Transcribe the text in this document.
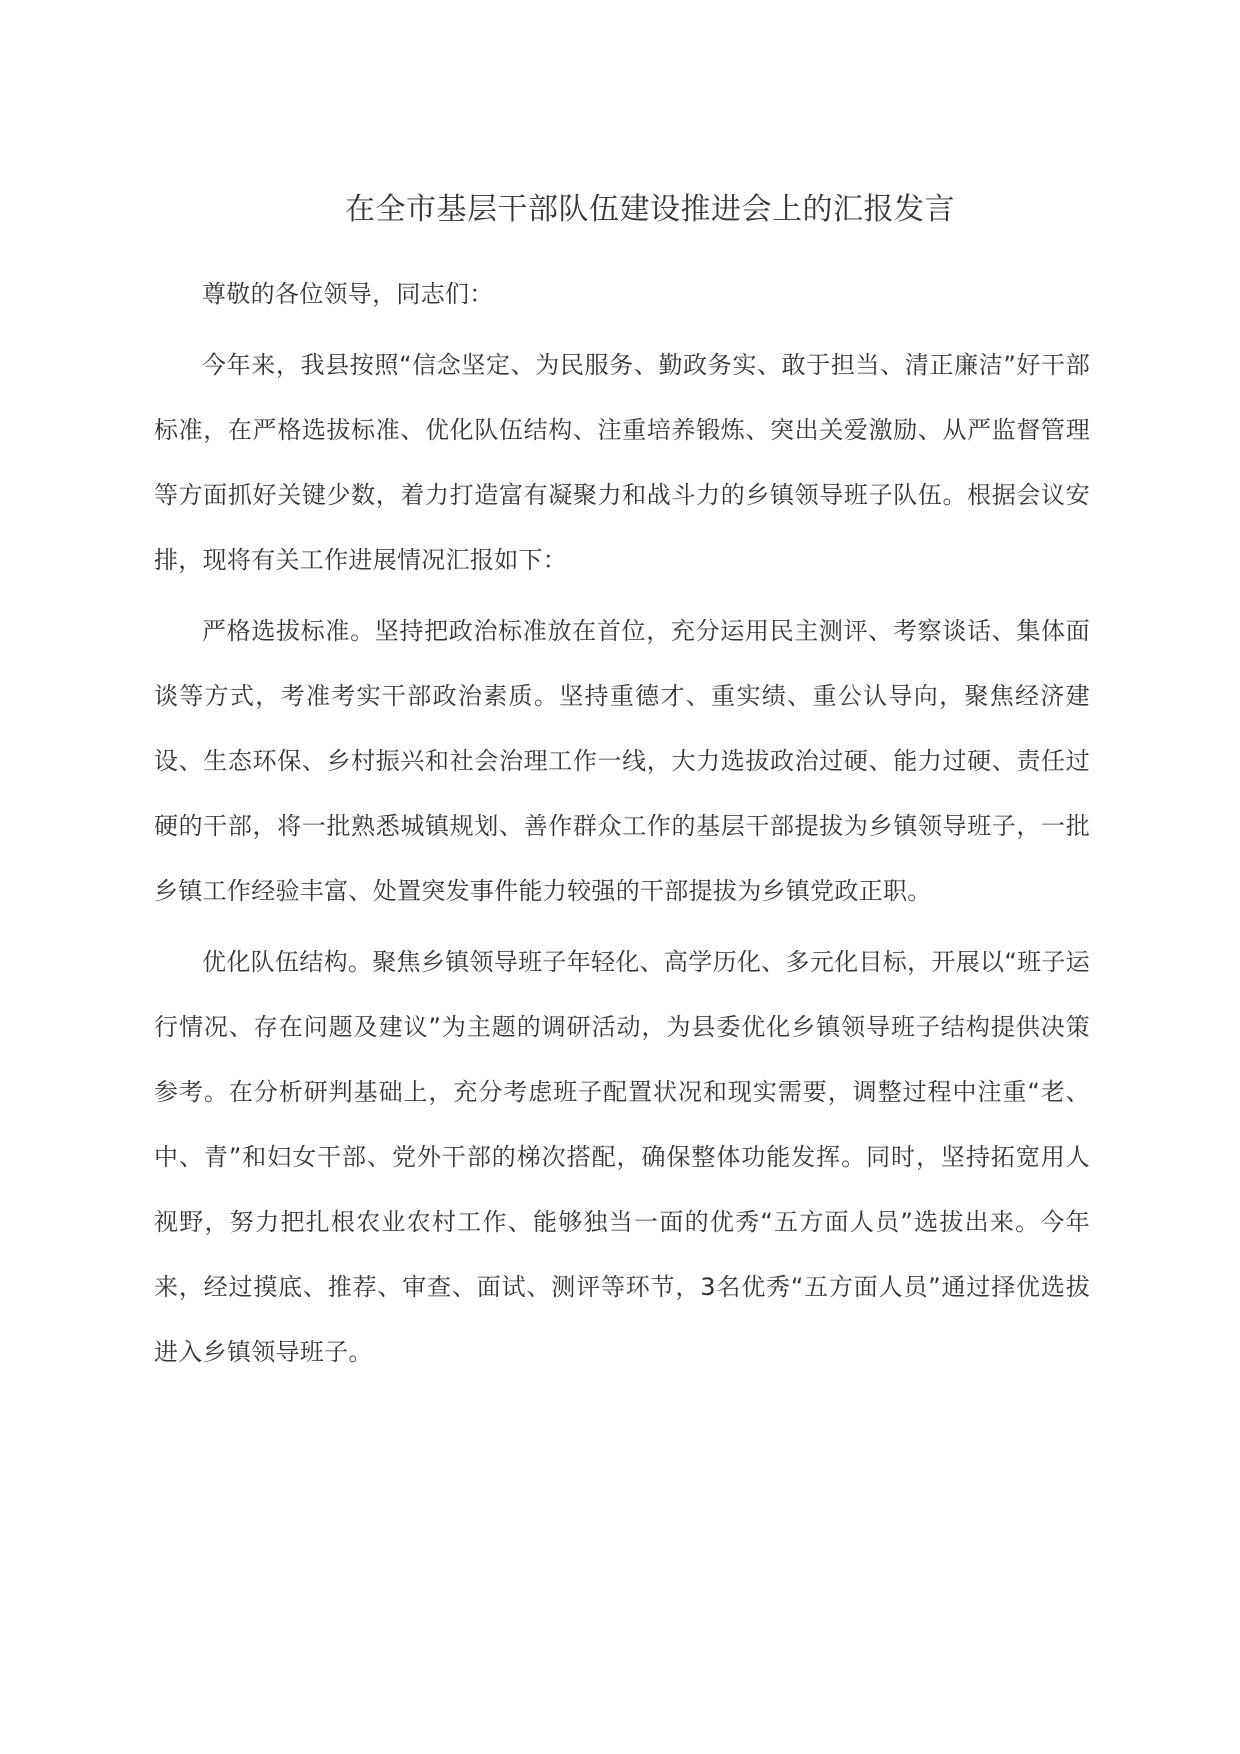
在全市基层干部队伍建设推进会上的汇报发言

尊敬的各位领导，同志们：

今年来，我县按照“信念坚定、为民服务、勤政务实、敢于担当、清正廉洁”好干部标准，在严格选拔标准、优化队伍结构、注重培养锻炼、突出关爱激励、从严监督管理等方面抓好关键少数，着力打造富有凝聚力和战斗力的乡镇领导班子队伍。根据会议安排，现将有关工作进展情况汇报如下：

严格选拔标准。坚持把政治标准放在首位，充分运用民主测评、考察谈话、集体面谈等方式，考准考实干部政治素质。坚持重德才、重实绩、重公认导向，聚焦经济建设、生态环保、乡村振兴和社会治理工作一线，大力选拔政治过硬、能力过硬、责任过硬的干部，将一批熟悉城镇规划、善作群众工作的基层干部提拔为乡镇领导班子，一批乡镇工作经验丰富、处置突发事件能力较强的干部提拔为乡镇党政正职。

优化队伍结构。聚焦乡镇领导班子年轻化、高学历化、多元化目标，开展以“班子运行情况、存在问题及建议”为主题的调研活动，为县委优化乡镇领导班子结构提供决策参考。在分析研判基础上，充分考虑班子配置状况和现实需要，调整过程中注重“老、中、青”和妇女干部、党外干部的梯次搭配，确保整体功能发挥。同时，坚持拓宽用人视野，努力把扎根农业农村工作、能够独当一面的优秀“五方面人员”选拔出来。今年来，经过摸底、推荐、审查、面试、测评等环节，3名优秀“五方面人员”通过择优选拔进入乡镇领导班子。
